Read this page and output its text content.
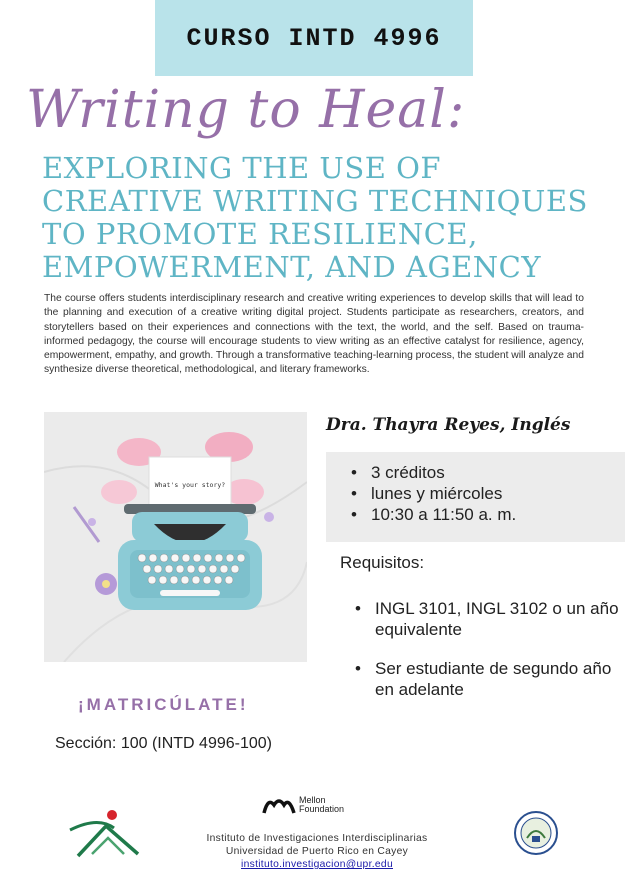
CURSO INTD 4996
Writing to Heal:
EXPLORING THE USE OF
CREATIVE WRITING TECHNIQUES
TO PROMOTE RESILIENCE,
EMPOWERMENT, AND AGENCY

The course offers students interdisciplinary research and creative writing experiences to develop skills that will lead to the planning and execution of a creative writing digital project. Students participate as researchers, creators, and storytellers based on their experiences and connections with the text, the world, and the self. Based on trauma-informed pedagogy, the course will encourage students to view writing as an effective catalyst for resilience, agency, empowerment, empathy, and growth. Through a transformative teaching-learning process, the student will analyze and synthesize diverse theoretical, methodological, and literary frameworks.

What's your story?
Dra. Thayra Reyes, Inglés
• 3 créditos
• lunes y miércoles
• 10:30 a 11:50 a. m.
Requisitos:
• INGL 3101, INGL 3102 o un año equivalente
• Ser estudiante de segundo año en adelante
¡MATRICÚLATE!
Sección: 100 (INTD 4996-100)
Mellon
Foundation
Instituto de Investigaciones Interdisciplinarias
Universidad de Puerto Rico en Cayey
instituto.investigacion@upr.edu
